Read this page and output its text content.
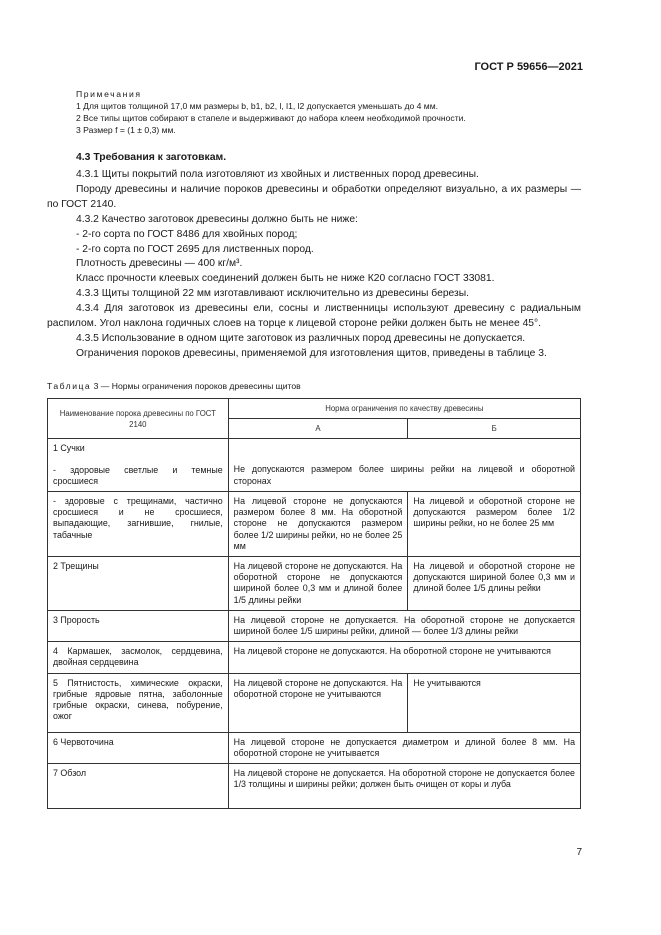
ГОСТ Р 59656—2021
Примечания
1 Для щитов толщиной 17,0 мм размеры b, b1, b2, l, l1, l2 допускается уменьшать до 4 мм.
2 Все типы щитов собирают в стапеле и выдерживают до набора клеем необходимой прочности.
3 Размер f = (1 ± 0,3) мм.
4.3 Требования к заготовкам.

4.3.1 Щиты покрытий пола изготовляют из хвойных и лиственных пород древесины.

Породу древесины и наличие пороков древесины и обработки определяют визуально, а их размеры — по ГОСТ 2140.

4.3.2 Качество заготовок древесины должно быть не ниже:

- 2-го сорта по ГОСТ 8486 для хвойных пород;

- 2-го сорта по ГОСТ 2695 для лиственных пород.

Плотность древесины — 400 кг/м³.

Класс прочности клеевых соединений должен быть не ниже К20 согласно ГОСТ 33081.

4.3.3 Щиты толщиной 22 мм изготавливают исключительно из древесины березы.

4.3.4 Для заготовок из древесины ели, сосны и лиственницы используют древесину с радиальным распилом. Угол наклона годичных слоев на торце к лицевой стороне рейки должен быть не менее 45°.

4.3.5 Использование в одном щите заготовок из различных пород древесины не допускается.

Ограничения пороков древесины, применяемой для изготовления щитов, приведены в таблице 3.

Таблица 3 — Нормы ограничения пороков древесины щитов
Наименование порока древесины по ГОСТ 2140	Норма ограничения по качеству древесины	
	А	Б

1 Сучки
- здоровые светлые и темные сросшиеся	Не допускаются размером более ширины рейки на лицевой и оборотной сторонах	

- здоровые с трещинами, частично сросшиеся и не сросшиеся, выпадающие, загнившие, гнилые, табачные	На лицевой стороне не допускаются размером более 8 мм. На оборотной стороне не допускаются размером более 1/2 ширины рейки, но не более 25 мм	На лицевой и оборотной стороне не допускаются размером более 1/2 ширины рейки, но не более 25 мм
2 Трещины	На лицевой стороне не допускаются. На оборотной стороне не допускаются шириной более 0,3 мм и длиной более 1/5 длины рейки	На лицевой и оборотной стороне не допускаются шириной более 0,3 мм и длиной более 1/5 длины рейки
3 Прорость	На лицевой стороне не допускается. На оборотной стороне не допускается шириной более 1/5 ширины рейки, длиной — более 1/3 длины рейки	
4 Кармашек, засмолок, сердцевина, двойная сердцевина	На лицевой стороне не допускаются. На оборотной стороне не учитываются	
5 Пятнистость, химические окраски, грибные ядровые пятна, заболонные грибные окраски, синева, побурение, ожог	На лицевой стороне не допускаются. На оборотной стороне не учитываются	Не учитываются
6 Червоточина	На лицевой стороне не допускается диаметром и длиной более 8 мм. На оборотной стороне не учитывается	
7 Обзол	На лицевой стороне не допускается. На оборотной стороне не допускается более 1/3 толщины и ширины рейки; должен быть очищен от коры и луба	
7
